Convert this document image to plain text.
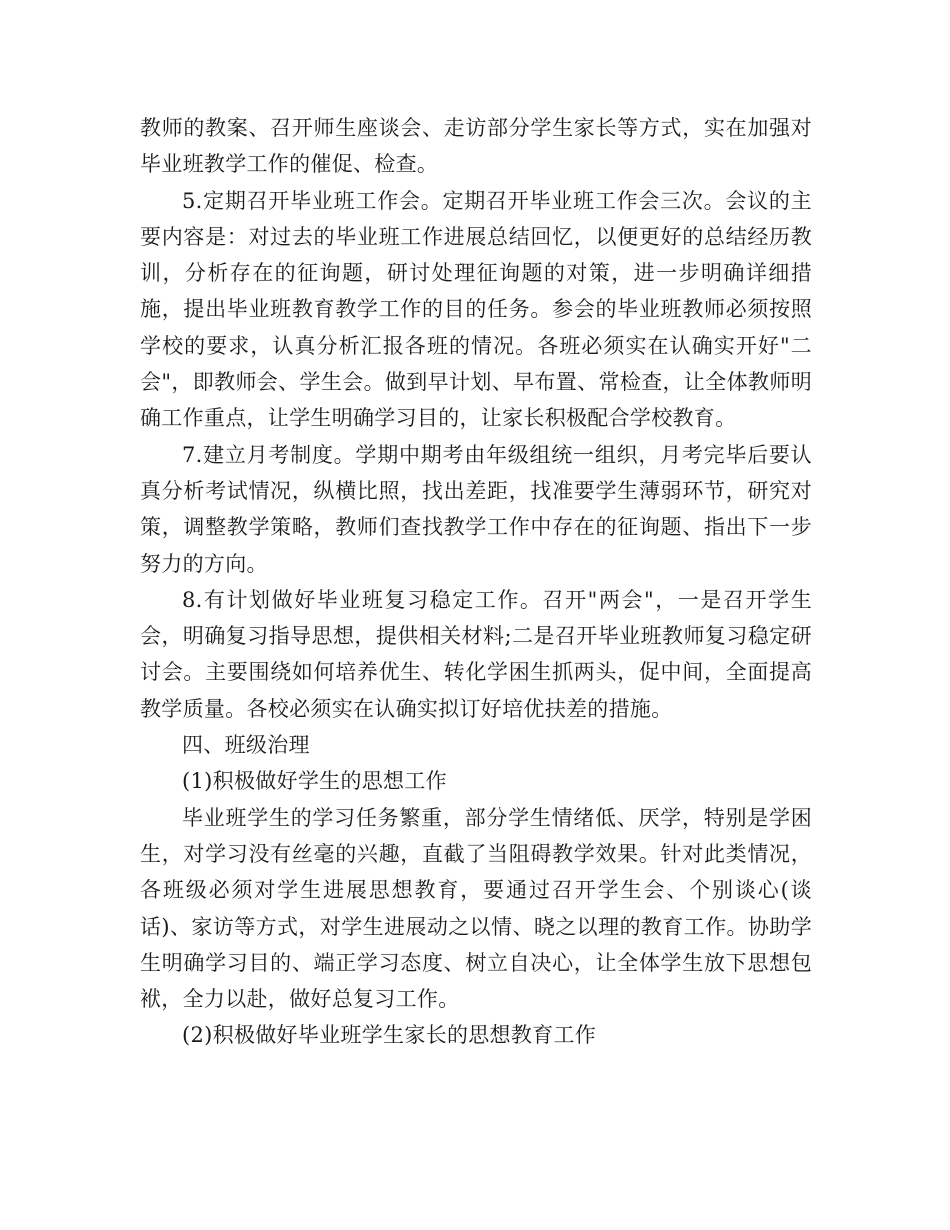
教师的教案、召开师生座谈会、走访部分学生家长等方式，实在加强对毕业班教学工作的催促、检查。

5.定期召开毕业班工作会。定期召开毕业班工作会三次。会议的主要内容是：对过去的毕业班工作进展总结回忆，以便更好的总结经历教训，分析存在的征询题，研讨处理征询题的对策，进一步明确详细措施，提出毕业班教育教学工作的目的任务。参会的毕业班教师必须按照学校的要求，认真分析汇报各班的情况。各班必须实在认确实开好"二会"，即教师会、学生会。做到早计划、早布置、常检查，让全体教师明确工作重点，让学生明确学习目的，让家长积极配合学校教育。

7.建立月考制度。学期中期考由年级组统一组织，月考完毕后要认真分析考试情况，纵横比照，找出差距，找准要学生薄弱环节，研究对策，调整教学策略，教师们查找教学工作中存在的征询题、指出下一步努力的方向。

8.有计划做好毕业班复习稳定工作。召开"两会"，一是召开学生会，明确复习指导思想，提供相关材料;二是召开毕业班教师复习稳定研讨会。主要围绕如何培养优生、转化学困生抓两头，促中间，全面提高教学质量。各校必须实在认确实拟订好培优扶差的措施。

四、班级治理

(1)积极做好学生的思想工作

毕业班学生的学习任务繁重，部分学生情绪低、厌学，特别是学困生，对学习没有丝毫的兴趣，直截了当阻碍教学效果。针对此类情况，各班级必须对学生进展思想教育，要通过召开学生会、个别谈心(谈话)、家访等方式，对学生进展动之以情、晓之以理的教育工作。协助学生明确学习目的、端正学习态度、树立自决心，让全体学生放下思想包袱，全力以赴，做好总复习工作。

(2)积极做好毕业班学生家长的思想教育工作
